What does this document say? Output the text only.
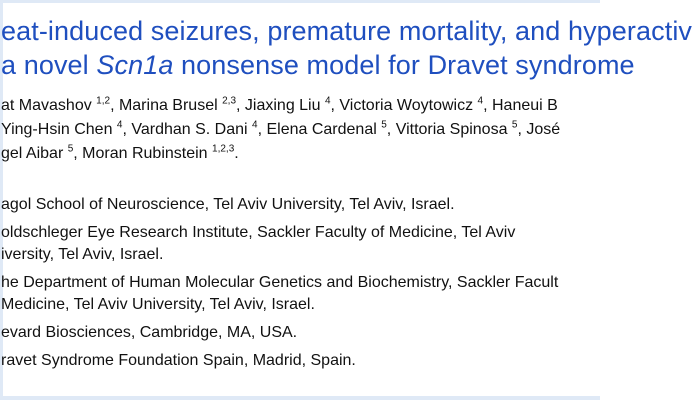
eat-induced seizures, premature mortality, and hyperactiv
a novel Scn1a nonsense model for Dravet syndrome
at Mavashov $^{1,2}$, Marina Brusel $^{2,3}$, Jiaxing Liu $^4$, Victoria Woytowicz $^4$, Haneui B
Ying-Hsin Chen $^4$, Vardhan S. Dani $^4$, Elena Cardenal $^5$, Vittoria Spinosa $^5$, José
gel Aibar $^5$, Moran Rubinstein $^{1,2,3}$.
agol School of Neuroscience, Tel Aviv University, Tel Aviv, Israel.
oldschleger Eye Research Institute, Sackler Faculty of Medicine, Tel Aviv
iversity, Tel Aviv, Israel.
he Department of Human Molecular Genetics and Biochemistry, Sackler Facult
Medicine, Tel Aviv University, Tel Aviv, Israel.
evard Biosciences, Cambridge, MA, USA.
ravet Syndrome Foundation Spain, Madrid, Spain.
